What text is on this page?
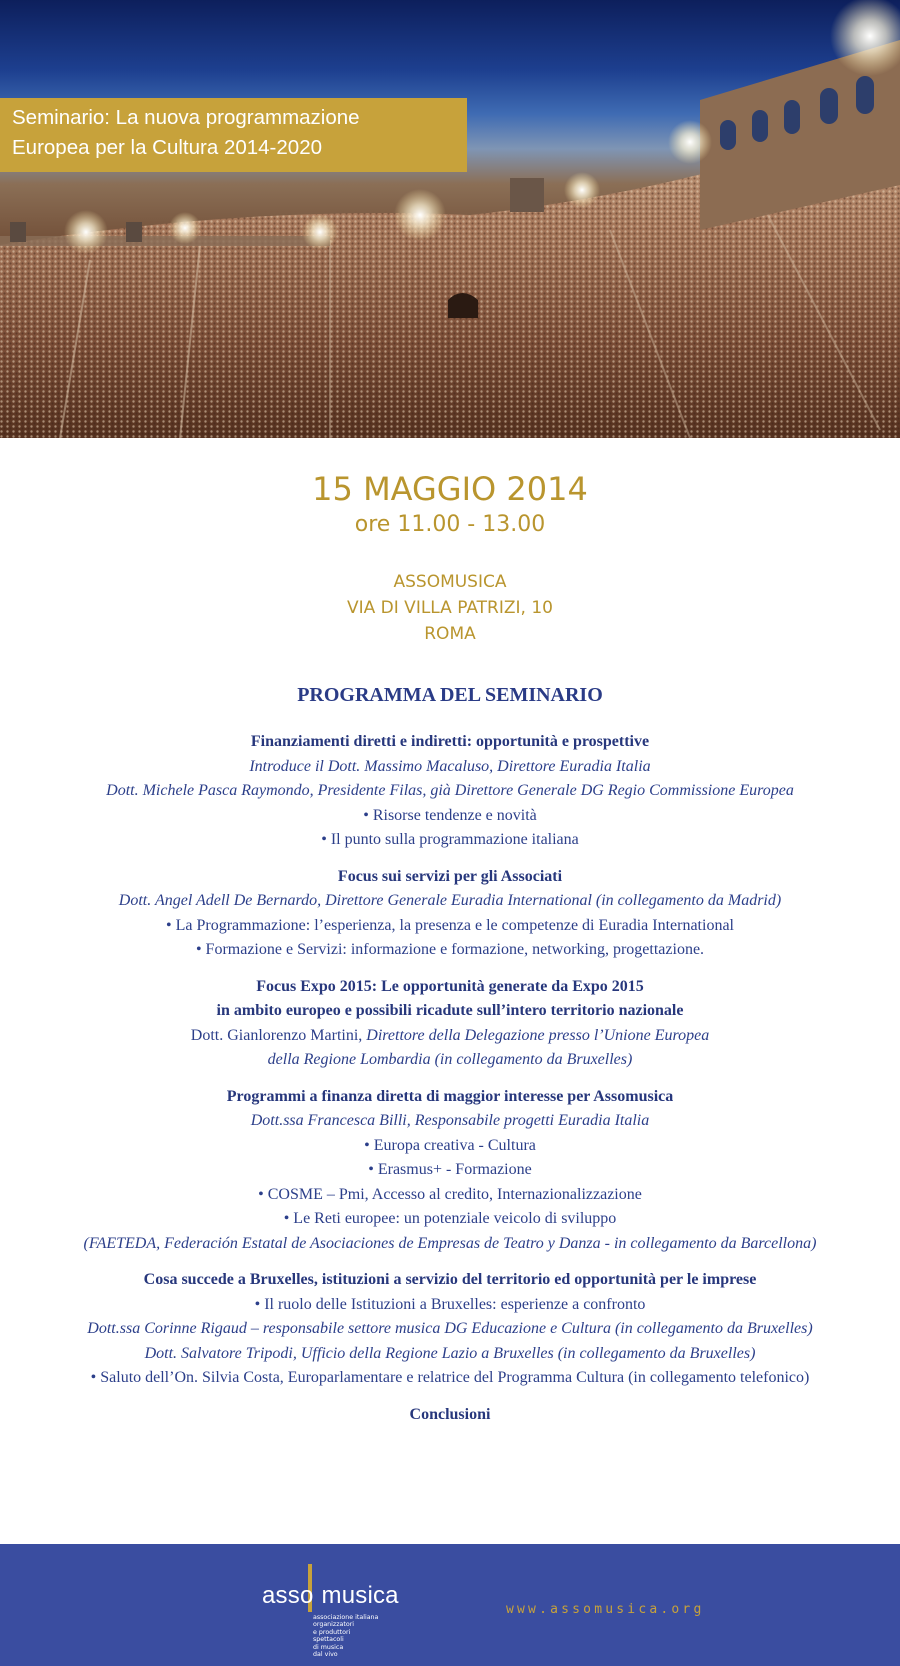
Seminario: La nuova programmazione
Europea per la Cultura 2014-2020
15 MAGGIO 2014
ore 11.00 - 13.00
ASSOMUSICA
VIA DI VILLA PATRIZI, 10
ROMA
PROGRAMMA DEL SEMINARIO
Finanziamenti diretti e indiretti: opportunità e prospettive
Introduce il Dott. Massimo Macaluso, Direttore Euradia Italia
Dott. Michele Pasca Raymondo, Presidente Filas, già Direttore Generale DG Regio Commissione Europea
• Risorse tendenze e novità
• Il punto sulla programmazione italiana
Focus sui servizi per gli Associati
Dott. Angel Adell De Bernardo, Direttore Generale Euradia International (in collegamento da Madrid)
• La Programmazione: l’esperienza, la presenza e le competenze di Euradia International
• Formazione e Servizi: informazione e formazione, networking, progettazione.
Focus Expo 2015: Le opportunità generate da Expo 2015
in ambito europeo e possibili ricadute sull’intero territorio nazionale
Dott. Gianlorenzo Martini, Direttore della Delegazione presso l’Unione Europea
della Regione Lombardia (in collegamento da Bruxelles)
Programmi a finanza diretta di maggior interesse per Assomusica
Dott.ssa Francesca Billi, Responsabile progetti Euradia Italia
• Europa creativa - Cultura
• Erasmus+ - Formazione
• COSME – Pmi, Accesso al credito, Internazionalizzazione
• Le Reti europee: un potenziale veicolo di sviluppo
(FAETEDA, Federación Estatal de Asociaciones de Empresas de Teatro y Danza - in collegamento da Barcellona)
Cosa succede a Bruxelles, istituzioni a servizio del territorio ed opportunità per le imprese
• Il ruolo delle Istituzioni a Bruxelles: esperienze a confronto
Dott.ssa Corinne Rigaud – responsabile settore musica DG Educazione e Cultura (in collegamento da Bruxelles)
Dott. Salvatore Tripodi, Ufficio della Regione Lazio a Bruxelles (in collegamento da Bruxelles)
• Saluto dell’On. Silvia Costa, Europarlamentare e relatrice del Programma Cultura (in collegamento telefonico)
Conclusioni
asso musica
associazione italiana
organizzatori
e produttori
spettacoli
di musica
dal vivo
www.assomusica.org
